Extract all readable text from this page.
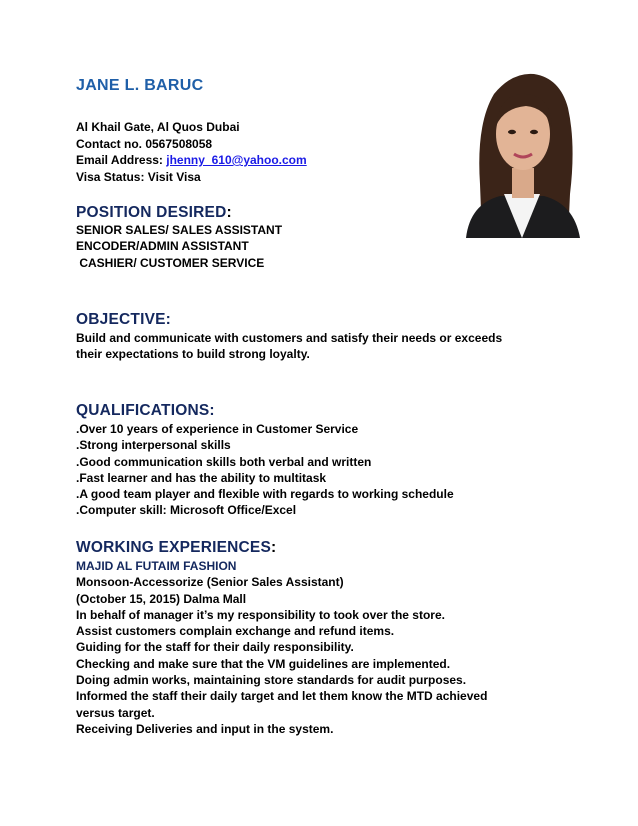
JANE L. BARUC
Al Khail Gate, Al Quos Dubai
Contact no. 0567508058
Email Address: jhenny_610@yahoo.com
Visa Status: Visit Visa
POSITION DESIRED:
SENIOR SALES/ SALES ASSISTANT
ENCODER/ADMIN ASSISTANT
CASHIER/ CUSTOMER SERVICE
OBJECTIVE:
Build and communicate with customers and satisfy their needs or exceeds
their expectations to build strong loyalty.
QUALIFICATIONS:
.Over 10 years of experience in Customer Service
.Strong interpersonal skills
.Good communication skills both verbal and written
.Fast learner and has the ability to multitask
.A good team player and flexible with regards to working schedule
.Computer skill: Microsoft Office/Excel
WORKING EXPERIENCES:
MAJID AL FUTAIM FASHION
Monsoon-Accessorize (Senior Sales Assistant)
(October 15, 2015) Dalma Mall
In behalf of manager it’s my responsibility to took over the store.
Assist customers complain exchange and refund items.
Guiding for the staff for their daily responsibility.
Checking and make sure that the VM guidelines are implemented.
Doing admin works, maintaining store standards for audit purposes.
Informed the staff their daily target and let them know the MTD achieved
versus target.
Receiving Deliveries and input in the system.
